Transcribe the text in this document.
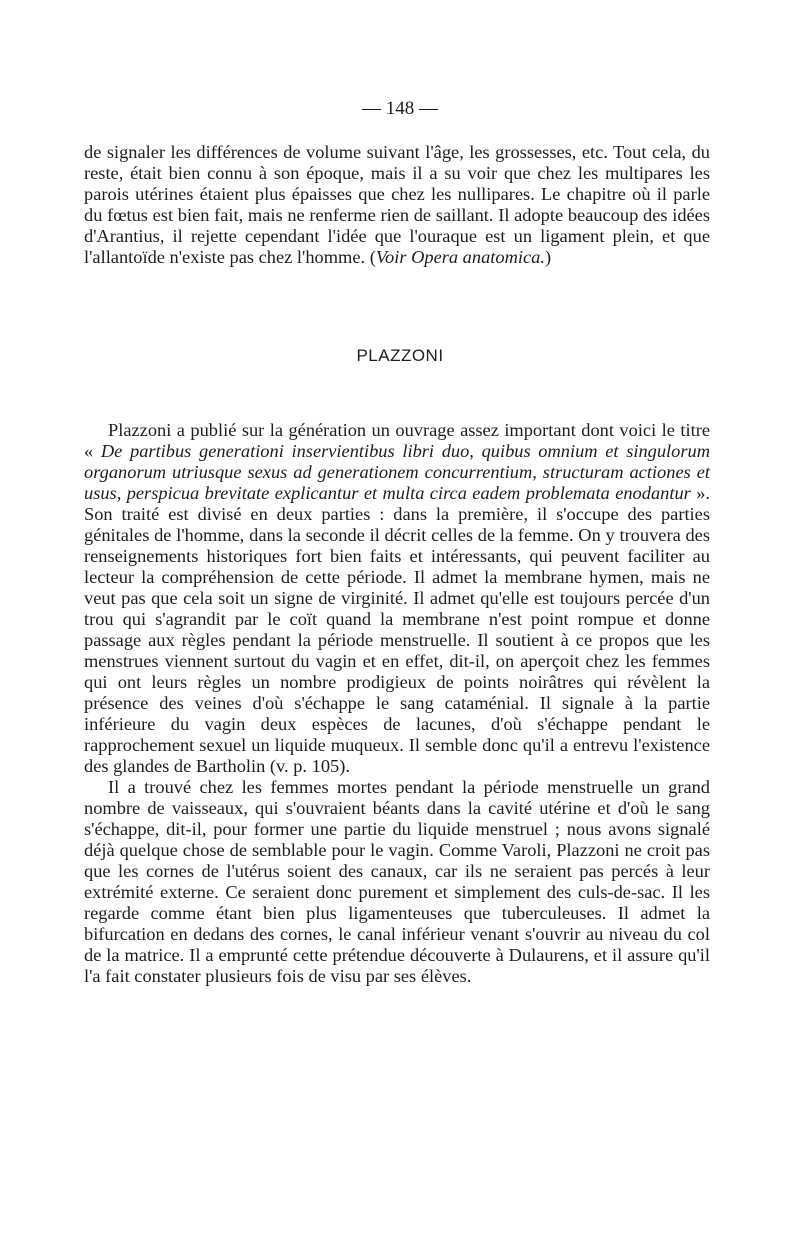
— 148 —

de signaler les différences de volume suivant l'âge, les grossesses, etc. Tout cela, du reste, était bien connu à son époque, mais il a su voir que chez les multipares les parois utérines étaient plus épaisses que chez les nullipares. Le chapitre où il parle du fœtus est bien fait, mais ne renferme rien de saillant. Il adopte beaucoup des idées d'Arantius, il rejette cependant l'idée que l'ouraque est un ligament plein, et que l'allantoïde n'existe pas chez l'homme. (Voir Opera anatomica.)

PLAZZONI

Plazzoni a publié sur la génération un ouvrage assez important dont voici le titre « De partibus generationi inservientibus libri duo, quibus omnium et singulorum organorum utriusque sexus ad generationem concurrentium, structuram actiones et usus, perspicua brevitate explicantur et multa circa eadem problemata enodantur ». Son traité est divisé en deux parties : dans la première, il s'occupe des parties génitales de l'homme, dans la seconde il décrit celles de la femme. On y trouvera des renseignements historiques fort bien faits et intéressants, qui peuvent faciliter au lecteur la compréhension de cette période. Il admet la membrane hymen, mais ne veut pas que cela soit un signe de virginité. Il admet qu'elle est toujours percée d'un trou qui s'agrandit par le coït quand la membrane n'est point rompue et donne passage aux règles pendant la période menstruelle. Il soutient à ce propos que les menstrues viennent surtout du vagin et en effet, dit-il, on aperçoit chez les femmes qui ont leurs règles un nombre prodigieux de points noirâtres qui révèlent la présence des veines d'où s'échappe le sang cataménial. Il signale à la partie inférieure du vagin deux espèces de lacunes, d'où s'échappe pendant le rapprochement sexuel un liquide muqueux. Il semble donc qu'il a entrevu l'existence des glandes de Bartholin (v. p. 105).

Il a trouvé chez les femmes mortes pendant la période menstruelle un grand nombre de vaisseaux, qui s'ouvraient béants dans la cavité utérine et d'où le sang s'échappe, dit-il, pour former une partie du liquide menstruel ; nous avons signalé déjà quelque chose de semblable pour le vagin. Comme Varoli, Plazzoni ne croit pas que les cornes de l'utérus soient des canaux, car ils ne seraient pas percés à leur extrémité externe. Ce seraient donc purement et simplement des culs-de-sac. Il les regarde comme étant bien plus ligamenteuses que tuberculeuses. Il admet la bifurcation en dedans des cornes, le canal inférieur venant s'ouvrir au niveau du col de la matrice. Il a emprunté cette prétendue découverte à Dulaurens, et il assure qu'il l'a fait constater plusieurs fois de visu par ses élèves.
